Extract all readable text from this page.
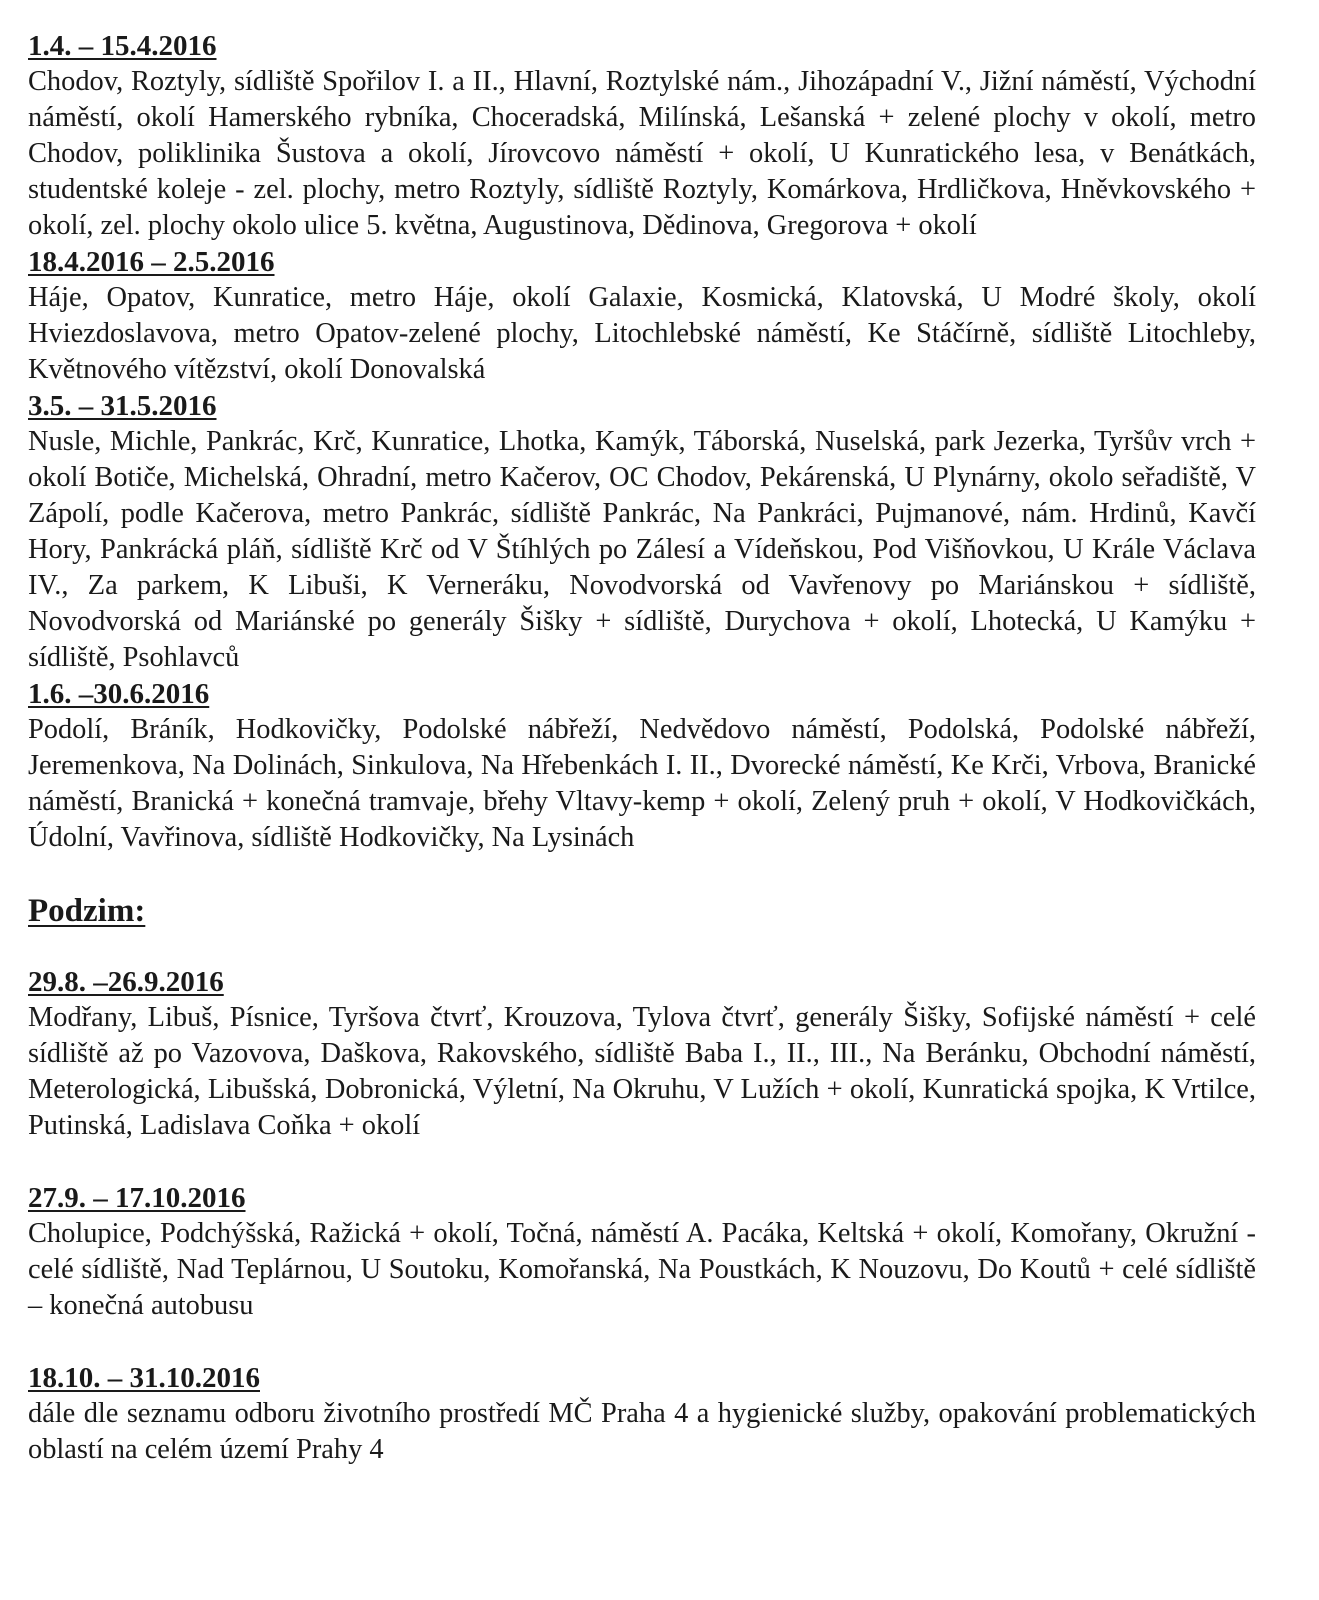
1.4. – 15.4.2016

Chodov, Roztyly, sídliště Spořilov I. a II., Hlavní, Roztylské nám., Jihozápadní V., Jižní náměstí, Východní náměstí, okolí Hamerského rybníka, Choceradská, Milínská, Lešanská + zelené plochy v okolí, metro Chodov, poliklinika Šustova a okolí, Jírovcovo náměstí + okolí, U Kunratického lesa, v Benátkách, studentské koleje - zel. plochy, metro Roztyly, sídliště Roztyly, Komárkova, Hrdličkova, Hněvkovského + okolí, zel. plochy okolo ulice 5. května, Augustinova, Dědinova, Gregorova + okolí

18.4.2016 – 2.5.2016

Háje, Opatov, Kunratice, metro Háje, okolí Galaxie, Kosmická, Klatovská, U Modré školy, okolí Hviezdoslavova, metro Opatov-zelené plochy, Litochlebské náměstí, Ke Stáčírně, sídliště Litochleby, Květnového vítězství, okolí Donovalská

3.5. – 31.5.2016

Nusle, Michle, Pankrác, Krč, Kunratice, Lhotka, Kamýk, Táborská, Nuselská, park Jezerka, Tyršův vrch + okolí Botiče, Michelská, Ohradní, metro Kačerov, OC Chodov, Pekárenská, U Plynárny, okolo seřadiště, V Zápolí, podle Kačerova, metro Pankrác, sídliště Pankrác, Na Pankráci, Pujmanové, nám. Hrdinů, Kavčí Hory, Pankrácká pláň, sídliště Krč od V Štíhlých po Zálesí a Vídeňskou, Pod Višňovkou, U Krále Václava IV., Za parkem, K Libuši, K Verneráku, Novodvorská od Vavřenovy po Mariánskou + sídliště, Novodvorská od Mariánské po generály Šišky + sídliště, Durychova + okolí, Lhotecká, U Kamýku + sídliště, Psohlavců

1.6. –30.6.2016

Podolí, Bráník, Hodkovičky, Podolské nábřeží, Nedvědovo náměstí, Podolská, Podolské nábřeží, Jeremenkova, Na Dolinách, Sinkulova, Na Hřebenkách I. II., Dvorecké náměstí, Ke Krči, Vrbova, Branické náměstí, Branická + konečná tramvaje, břehy Vltavy-kemp + okolí, Zelený pruh + okolí, V Hodkovičkách, Údolní, Vavřinova, sídliště Hodkovičky, Na Lysinách

Podzim:
29.8. –26.9.2016

Modřany, Libuš, Písnice, Tyršova čtvrť, Krouzova, Tylova čtvrť, generály Šišky, Sofijské náměstí + celé sídliště až po Vazovova, Daškova, Rakovského, sídliště Baba I., II., III., Na Beránku, Obchodní náměstí, Meterologická, Libušská, Dobronická, Výletní, Na Okruhu, V Lužích + okolí, Kunratická spojka, K Vrtilce, Putinská, Ladislava Coňka + okolí

27.9. – 17.10.2016

Cholupice, Podchýšská, Ražická + okolí, Točná, náměstí A. Pacáka, Keltská + okolí, Komořany, Okružní - celé sídliště, Nad Teplárnou, U Soutoku, Komořanská, Na Poustkách, K Nouzovu, Do Koutů + celé sídliště – konečná autobusu

18.10. – 31.10.2016

dále dle seznamu odboru životního prostředí MČ Praha 4 a hygienické služby, opakování problematických oblastí na celém území Prahy 4
